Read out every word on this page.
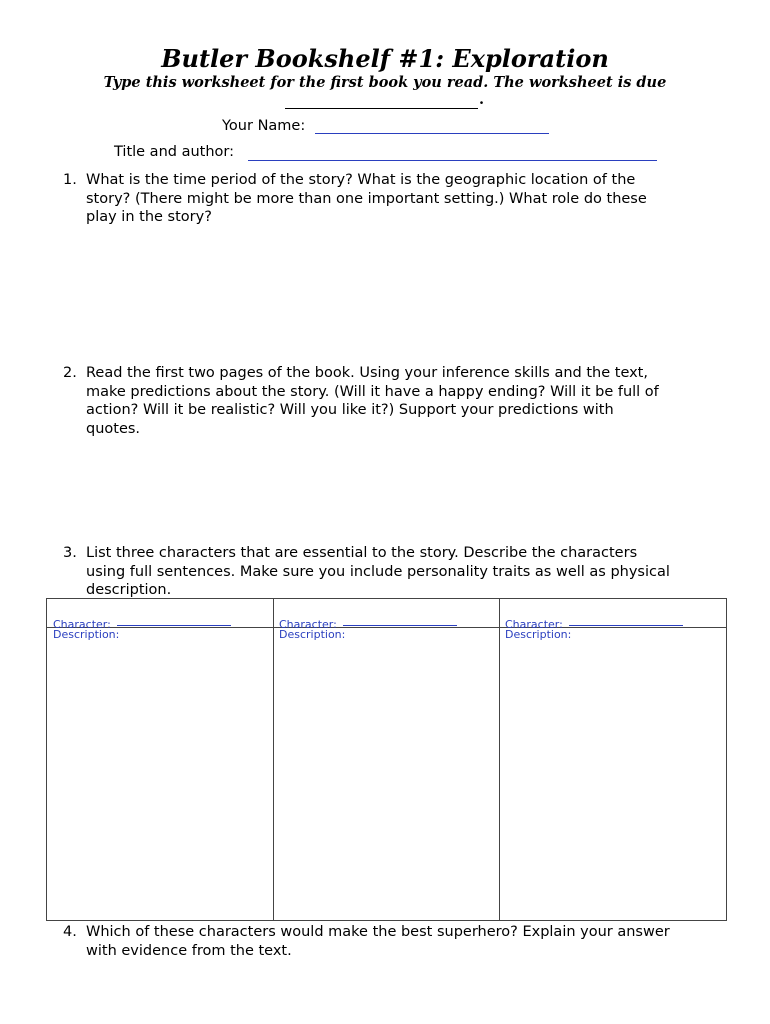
Butler Bookshelf #1: Exploration
Type this worksheet for the first book you read. The worksheet is due
.
Your Name:
Title and author:
1. What is the time period of the story? What is the geographic location of the
story? (There might be more than one important setting.) What role do these
play in the story?
2. Read the first two pages of the book. Using your inference skills and the text,
make predictions about the story. (Will it have a happy ending? Will it be full of
action? Will it be realistic? Will you like it?) Support your predictions with
quotes.
3. List three characters that are essential to the story. Describe the characters
using full sentences. Make sure you include personality traits as well as physical
description.
Character:
Description:
Character:
Description:
Character:
Description:
4. Which of these characters would make the best superhero? Explain your answer
with evidence from the text.
